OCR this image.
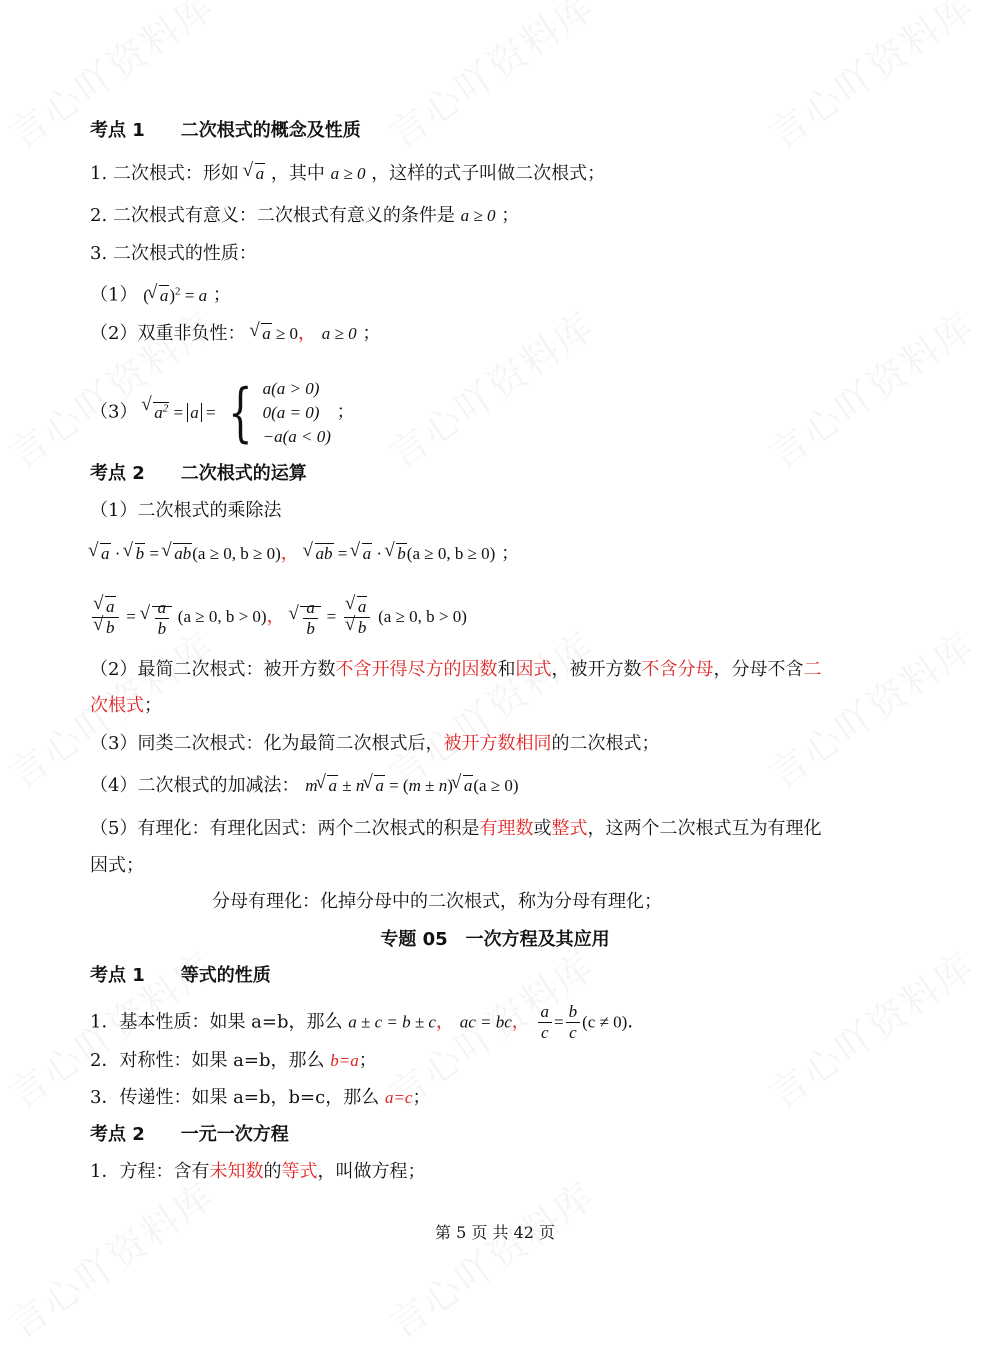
考点 1　　二次根式的概念及性质
1. 二次根式：形如 √ a ，其中 a ≥ 0 ，这样的式子叫做二次根式；
2. 二次根式有意义：二次根式有意义的条件是 a ≥ 0 ；
3. 二次根式的性质：
（1） ( √ a)$^2$ = a ；
（2）双重非负性： √ a ≥ 0， a ≥ 0 ；
（3） √ $a^2 = a$ = { a(a > 0)
0(a = 0)
−a(a < 0)
；
考点 2　　二次根式的运算
（1）二次根式的乘除法
√ a · √ b = √ ab(a ≥ 0, b ≥ 0)， √ ab = √ a · √ b(a ≥ 0, b ≥ 0) ；
√ a
√ b = √ $\frac{a}{b} (a \ge 0$, b > 0)， √ $\frac{a}{b}$ = √ a
√ b (a ≥ 0, b > 0)
（2）最简二次根式：被开方数不含开得尽方的因数和因式，被开方数不含分母，分母不含二
次根式；
（3）同类二次根式：化为最简二次根式后，被开方数相同的二次根式；
（4）二次根式的加减法： m √ a ± n √ a = (m ± n) √ a(a ≥ 0)
（5）有理化：有理化因式：两个二次根式的积是有理数或整式，这两个二次根式互为有理化
因式；
分母有理化：化掉分母中的二次根式，称为分母有理化；
专题 05　一次方程及其应用
考点 1　　等式的性质
1．基本性质：如果 a=b，那么 a ± c = b ± c， ac = bc， $\frac{a}{c} = \frac{b}{c} (c \ne 0)$．
2．对称性：如果 a=b，那么 b=a；
3．传递性：如果 a=b，b=c，那么 a=c；
考点 2　　一元一次方程
1．方程：含有未知数的等式，叫做方程；
第 5 页 共 42 页
